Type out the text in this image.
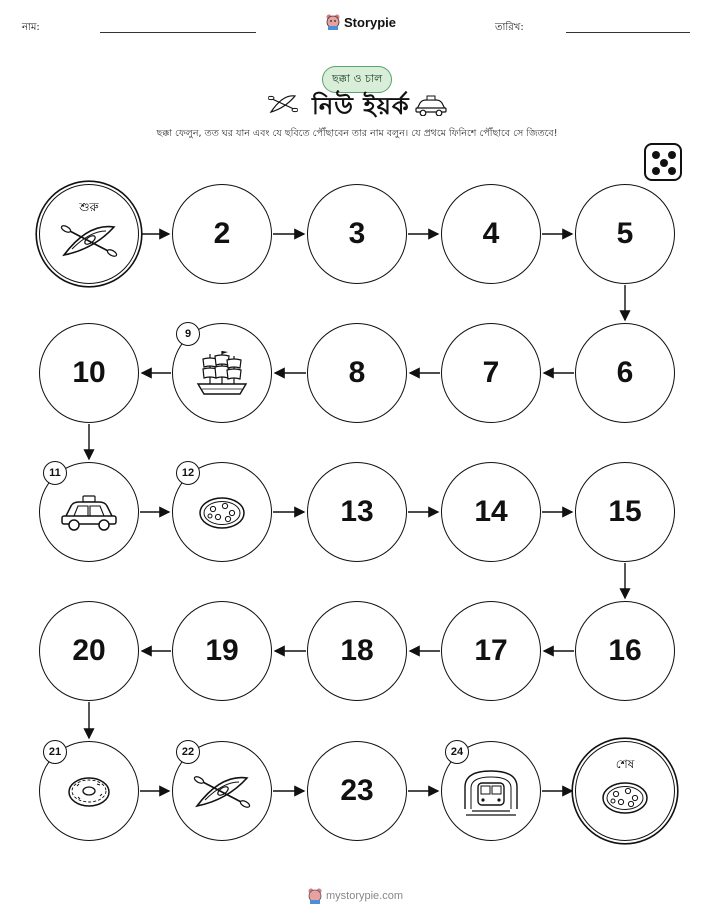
নাম:	Storypie	তারিখ:
ছক্কা ও চাল
নিউ ইয়র্ক
ছক্কা ফেলুন, তত ঘর যান এবং যে ছবিতে পৌঁছাবেন তার নাম বলুন। যে প্রথমে ফিনিশে পৌঁছাবে সে জিতবে!
শুরু
2	3	4	5
6
7
8
9
10
11	12
13	14	15
16
17
18
19
20
21	22
23
24
শেষ
mystorypie.com
